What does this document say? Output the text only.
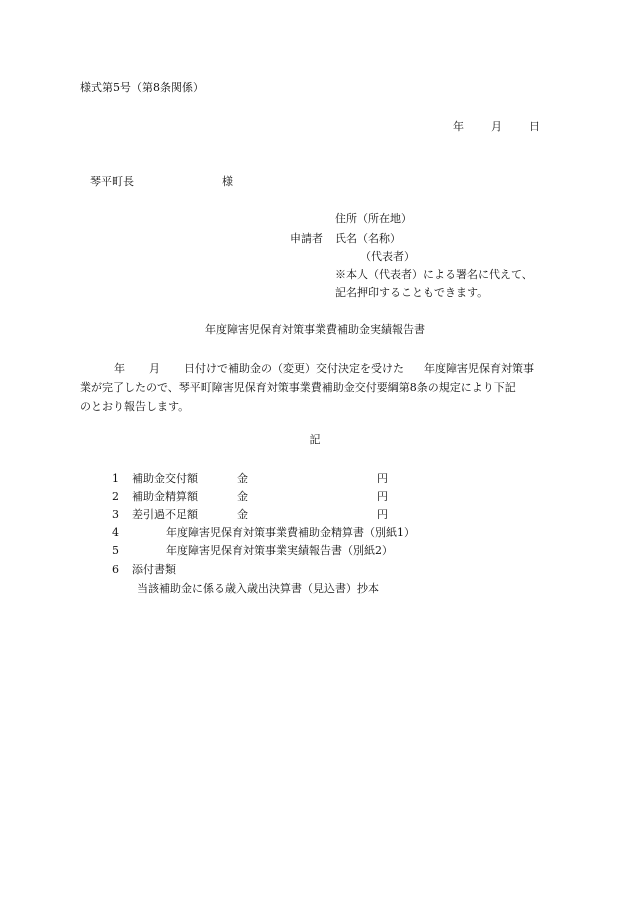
様式第5号（第8条関係）
年 月 日
琴平町長	様
住所（所在地）
申請者 氏名（名称）
（代表者）
※本人（代表者）による署名に代えて、
記名押印することもできます。
年度障害児保育対策事業費補助金実績報告書
年 月 日付けで補助金の（変更）交付決定を受けた 年度障害児保育対策事
業が完了したので、琴平町障害児保育対策事業費補助金交付要綱第8条の規定により下記
のとおり報告します。
記
1 補助金交付額	金	円
2 補助金精算額	金	円
3 差引過不足額	金	円
4	年度障害児保育対策事業費補助金精算書（別紙1）
5	年度障害児保育対策事業実績報告書（別紙2）
6 添付書類
当該補助金に係る歳入歳出決算書（見込書）抄本
